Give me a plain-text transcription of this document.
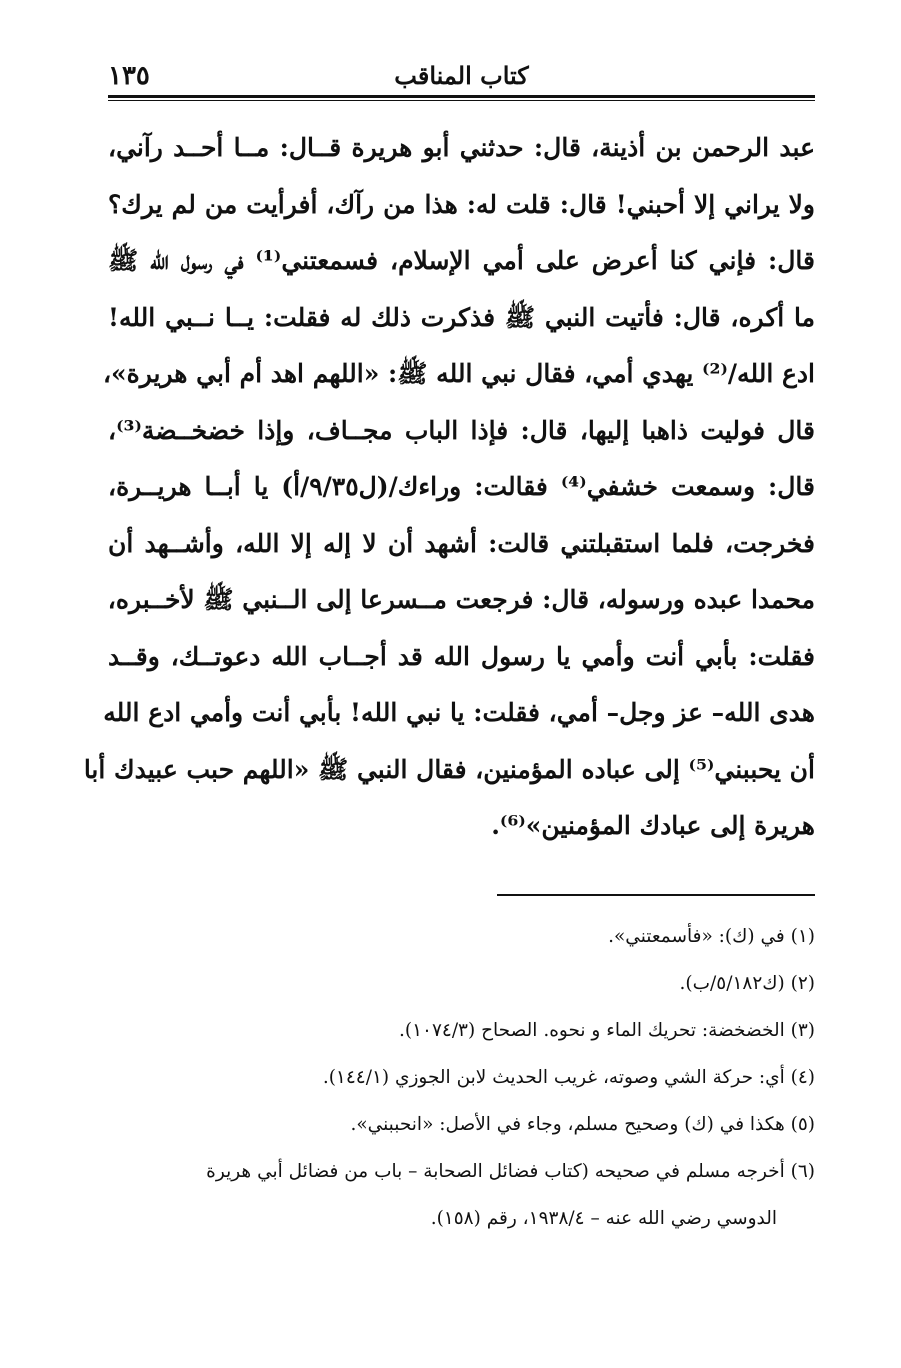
كتاب المناقب
١٣٥
عبد الرحمن بن أذينة، قال: حدثني أبو هريرة قــال: مــا أحــد رآني،
ولا يراني إلا أحبني! قال: قلت له: هذا من رآك، أفرأيت من لم يرك؟
قال: فإني كنا أعرض على أمي الإسلام، فسمعتني⁽¹⁾ في رسول الله ﷺ
ما أكره، قال: فأتيت النبي ﷺ فذكرت ذلك له فقلت: يــا نــبي الله!
ادع الله/⁽²⁾ يهدي أمي، فقال نبي الله ﷺ: «اللهم اهد أم أبي هريرة»،
قال فوليت ذاهبا إليها، قال: فإذا الباب مجــاف، وإذا خضخــضة⁽³⁾،
قال: وسمعت خشفي⁽⁴⁾ فقالت: وراءك/(ل٩/٣٥/أ) يا أبــا هريــرة،
فخرجت، فلما استقبلتني قالت: أشهد أن لا إله إلا الله، وأشــهد أن
محمدا عبده ورسوله، قال: فرجعت مــسرعا إلى الــنبي ﷺ لأخــبره،
فقلت: بأبي أنت وأمي يا رسول الله قد أجــاب الله دعوتــك، وقــد
هدى الله– عز وجل– أمي، فقلت: يا نبي الله! بأبي أنت وأمي ادع الله
أن يحببني⁽⁵⁾ إلى عباده المؤمنين، فقال النبي ﷺ «اللهم حبب عبيدك أبا
هريرة إلى عبادك المؤمنين»⁽⁶⁾.
(١) في (ك): «فأسمعتني».
(٢) (ك٥/١٨٢/ب).
(٣) الخضخضة: تحريك الماء و نحوه. الصحاح (١٠٧٤/٣).
(٤) أي: حركة الشي وصوته، غريب الحديث لابن الجوزي (١٤٤/١).
(٥) هكذا في (ك) وصحيح مسلم، وجاء في الأصل: «انحببني».
(٦) أخرجه مسلم في صحيحه (كتاب فضائل الصحابة – باب من فضائل أبي هريرة
الدوسي رضي الله عنه – ١٩٣٨/٤، رقم (١٥٨).
